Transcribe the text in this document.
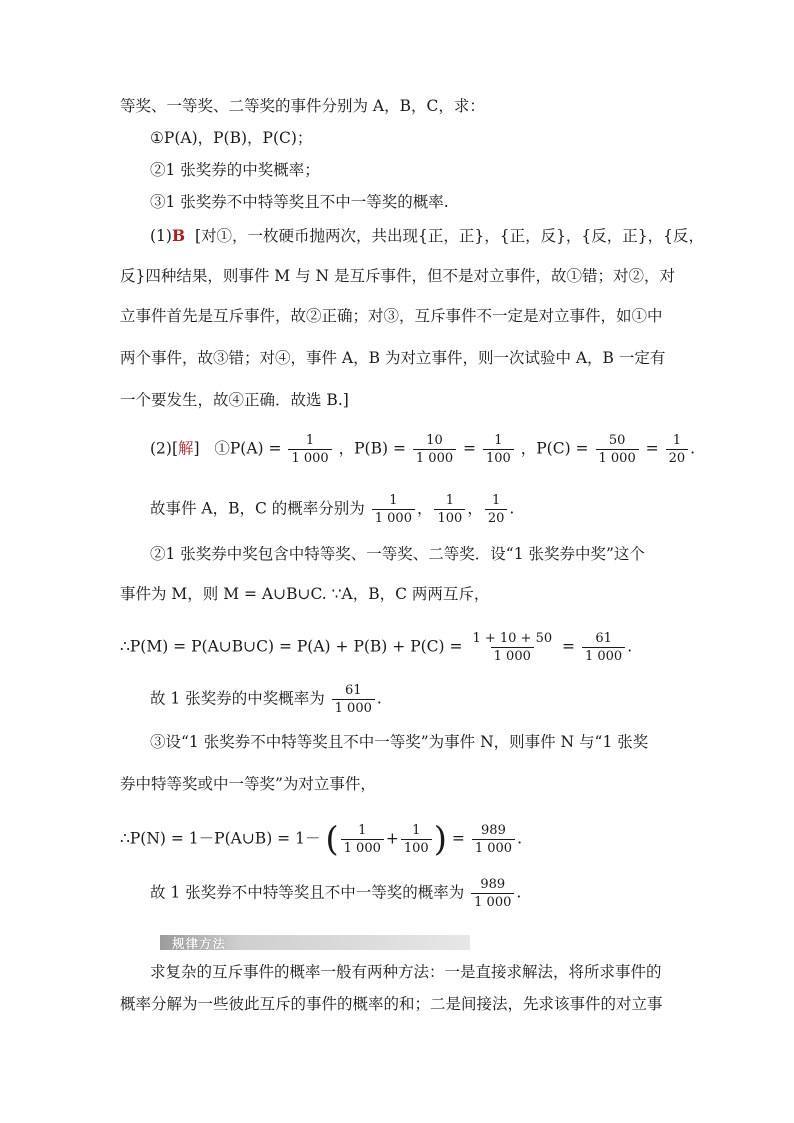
等奖、一等奖、二等奖的事件分别为 A，B，C，求：
①P(A)，P(B)，P(C)；
②1 张奖券的中奖概率；
③1 张奖券不中特等奖且不中一等奖的概率.
(1)B [对①，一枚硬币抛两次，共出现{正，正}，{正，反}，{反，正}，{反，
反}四种结果，则事件 M 与 N 是互斥事件，但不是对立事件，故①错；对②，对
立事件首先是互斥事件，故②正确；对③，互斥事件不一定是对立事件，如①中
两个事件，故③错；对④，事件 A，B 为对立事件，则一次试验中 A，B 一定有
一个要发生，故④正确．故选 B.]
(2)[解] ①P(A) = $\frac{1}{1 000}$ ，$P(B) = \frac{10}{1 000} = \frac{1}{100}$ ，$P(C) = \frac{50}{1 000} = \frac{1}{20}$ .
故事件 A，B，C 的概率分别为 $\frac{1}{1 000}$ ， $\frac{1}{100}$ ， $\frac{1}{20}$ .
②1 张奖券中奖包含中特等奖、一等奖、二等奖．设“1 张奖券中奖”这个
事件为 M，则 M = A∪B∪C. ∵A，B，C 两两互斥，
∴P(M) = P(A∪B∪C) = $P(A) + P(B) + P(C) = \frac{1 + 10 + 50}{1 000} = \frac{61}{1 000}$ .
故 1 张奖券的中奖概率为 $\frac{61}{1 000}$ .
③设“1 张奖券不中特等奖且不中一等奖”为事件 N，则事件 N 与“1 张奖
券中特等奖或中一等奖”为对立事件，
∴P(N) = 1－P(A∪B) = 1－ ( $\frac{1}{1 000} + \frac{1}{100}$ ) = $\frac{989}{1 000}$ .
故 1 张奖券不中特等奖且不中一等奖的概率为 $\frac{989}{1 000}$ .
规律方法
求复杂的互斥事件的概率一般有两种方法：一是直接求解法，将所求事件的
概率分解为一些彼此互斥的事件的概率的和；二是间接法，先求该事件的对立事
